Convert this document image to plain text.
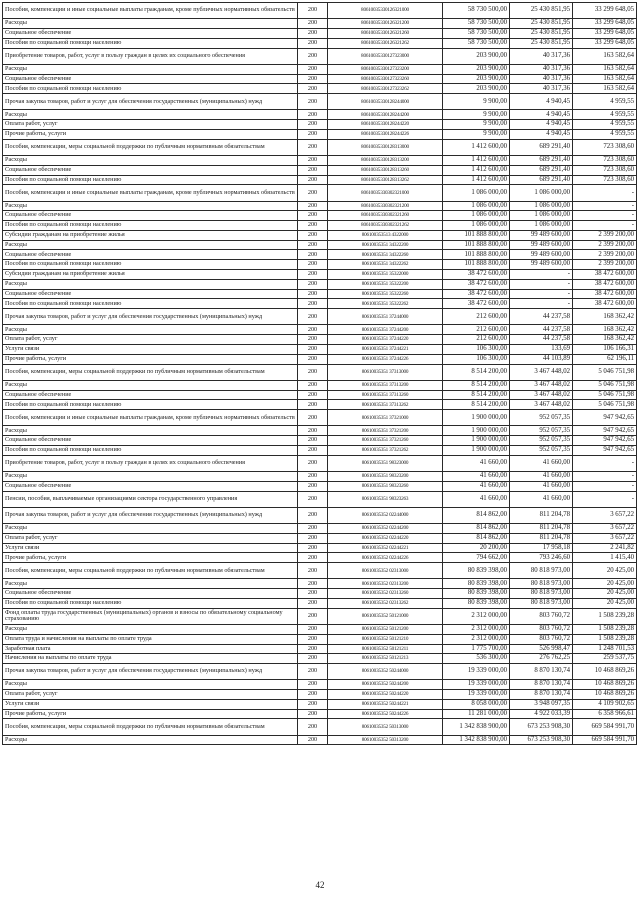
Пособия, компенсации и иные социальные выплаты гражданам, кроме публичных нормативных обязательств	200	80610035330126321000	58 730 500,00	25 430 851,95	33 299 648,05
Расходы	200	80610035330126321200	58 730 500,00	25 430 851,95	33 299 648,05
Социальное обеспечение	200	80610035330126321260	58 730 500,00	25 430 851,95	33 299 648,05
Пособия по социальной помощи населению	200	80610035330126321262	58 730 500,00	25 430 851,95	33 299 648,05
Приобретение товаров, работ, услуг в пользу граждан в целях их социального обеспечения	200	80610035330127323000	203 900,00	40 317,36	163 582,64
Расходы	200	80610035330127323200	203 900,00	40 317,36	163 582,64
Социальное обеспечение	200	80610035330127323260	203 900,00	40 317,36	163 582,64
Пособия по социальной помощи населению	200	80610035330127323262	203 900,00	40 317,36	163 582,64
Прочая закупка товаров, работ и услуг для обеспечения государственных (муниципальных) нужд	200	80610035330128244000	9 900,00	4 940,45	4 959,55
Расходы	200	80610035330128244200	9 900,00	4 940,45	4 959,55
Оплата работ, услуг	200	80610035330128244220	9 900,00	4 940,45	4 959,55
Прочие работы, услуги	200	80610035330128244226	9 900,00	4 940,45	4 959,55
Пособия, компенсации, меры социальной поддержки по публичным нормативным обязательствам	200	80610035330128313000	1 412 600,00	689 291,40	723 308,60
Расходы	200	80610035330128313200	1 412 600,00	689 291,40	723 308,60
Социальное обеспечение	200	80610035330128313260	1 412 600,00	689 291,40	723 308,60
Пособия по социальной помощи населению	200	80610035330128313262	1 412 600,00	689 291,40	723 308,60
Пособия, компенсации и иные социальные выплаты гражданам, кроме публичных нормативных обязательств	200	80610035330302321000	1 086 000,00	1 086 000,00	-
Расходы	200	80610035330302321200	1 086 000,00	1 086 000,00	-
Социальное обеспечение	200	80610035330302321260	1 086 000,00	1 086 000,00	-
Пособия по социальной помощи населению	200	80610035330302321262	1 086 000,00	1 086 000,00	-
Субсидии гражданам на приобретение жилья	200	806100353513 4322000	101 888 800,00	99 489 600,00	2 399 200,00
Расходы	200	80610035351 34322200	101 888 800,00	99 489 600,00	2 399 200,00
Социальное обеспечение	200	80610035351 34322260	101 888 800,00	99 489 600,00	2 399 200,00
Пособия по социальной помощи населению	200	80610035351 34322262	101 888 800,00	99 489 600,00	2 399 200,00
Субсидии гражданам на приобретение жилья	200	80610035351 35322000	38 472 600,00	-	38 472 600,00
Расходы	200	80610035351 35322200	38 472 600,00	-	38 472 600,00
Социальное обеспечение	200	80610035351 35322260	38 472 600,00	-	38 472 600,00
Пособия по социальной помощи населению	200	80610035351 35322262	38 472 600,00	-	38 472 600,00
Прочая закупка товаров, работ и услуг для обеспечения государственных (муниципальных) нужд	200	80610035351 37244000	212 600,00	44 237,58	168 362,42
Расходы	200	80610035351 37244200	212 600,00	44 237,58	168 362,42
Оплата работ, услуг	200	80610035351 37244220	212 600,00	44 237,58	168 362,42
Услуги связи	200	80610035351 37244221	106 300,00	133,69	106 166,31
Прочие работы, услуги	200	80610035351 37244226	106 300,00	44 103,89	62 196,11
Пособия, компенсации, меры социальной поддержки по публичным нормативным обязательствам	200	80610035351 37313000	8 514 200,00	3 467 448,02	5 046 751,98
Расходы	200	80610035351 37313200	8 514 200,00	3 467 448,02	5 046 751,98
Социальное обеспечение	200	80610035351 37313260	8 514 200,00	3 467 448,02	5 046 751,98
Пособия по социальной помощи населению	200	80610035351 37313262	8 514 200,00	3 467 448,02	5 046 751,98
Пособия, компенсации и иные социальные выплаты гражданам, кроме публичных нормативных обязательств	200	80610035351 37321000	1 900 000,00	952 057,35	947 942,65
Расходы	200	80610035351 37321200	1 900 000,00	952 057,35	947 942,65
Социальное обеспечение	200	80610035351 37321260	1 900 000,00	952 057,35	947 942,65
Пособия по социальной помощи населению	200	80610035351 37321262	1 900 000,00	952 057,35	947 942,65
Приобретение товаров, работ, услуг в пользу граждан в целях их социального обеспечения	200	80610035351 98323000	41 660,00	41 660,00	-
Расходы	200	80610035351 98323200	41 660,00	41 660,00	-
Социальное обеспечение	200	80610035351 98323260	41 660,00	41 660,00	-
Пенсии, пособия, выплачиваемые организациями сектора государственного управления	200	80610035351 98323263	41 660,00	41 660,00	-
Прочая закупка товаров, работ и услуг для обеспечения государственных (муниципальных) нужд	200	80610035352 02244000	814 862,00	811 204,78	3 657,22
Расходы	200	80610035352 02244200	814 862,00	811 204,78	3 657,22
Оплата работ, услуг	200	80610035352 02244220	814 862,00	811 204,78	3 657,22
Услуги связи	200	80610035352 02244221	20 200,00	17 958,18	2 241,82
Прочие работы, услуги	200	80610035352 02244226	794 662,00	793 246,60	1 415,40
Пособия, компенсации, меры социальной поддержки по публичным нормативным обязательствам	200	80610035352 02313000	80 839 398,00	80 818 973,00	20 425,00
Расходы	200	80610035352 02313200	80 839 398,00	80 818 973,00	20 425,00
Социальное обеспечение	200	80610035352 02313260	80 839 398,00	80 818 973,00	20 425,00
Пособия по социальной помощи населению	200	80610035352 02313262	80 839 398,00	80 818 973,00	20 425,00
Фонд оплаты труда государственных (муниципальных) органов и взносы по обязательному социальному страхованию	200	80610035352 50121000	2 312 000,00	803 760,72	1 508 239,28
Расходы	200	80610035352 50121200	2 312 000,00	803 760,72	1 508 239,28
Оплата труда и начисления на выплаты по оплате труда	200	80610035352 50121210	2 312 000,00	803 760,72	1 508 239,28
Заработная плата	200	80610035352 50121211	1 775 700,00	526 998,47	1 248 701,53
Начисления на выплаты по оплате труда	200	80610035352 50121213	536 300,00	276 762,25	259 537,75
Прочая закупка товаров, работ и услуг для обеспечения государственных (муниципальных) нужд	200	80610035352 50244000	19 339 000,00	8 870 130,74	10 468 869,26
Расходы	200	80610035352 50244200	19 339 000,00	8 870 130,74	10 468 869,26
Оплата работ, услуг	200	80610035352 50244220	19 339 000,00	8 870 130,74	10 468 869,26
Услуги связи	200	80610035352 50244221	8 058 000,00	3 948 097,35	4 109 902,65
Прочие работы, услуги	200	80610035352 50244226	11 281 000,00	4 922 033,39	6 358 966,61
Пособия, компенсации, меры социальной поддержки по публичным нормативным обязательствам	200	80610035352 50313000	1 342 838 900,00	673 253 908,30	669 584 991,70
Расходы	200	80610035352 50313200	1 342 838 900,00	673 253 908,30	669 584 991,70
42
